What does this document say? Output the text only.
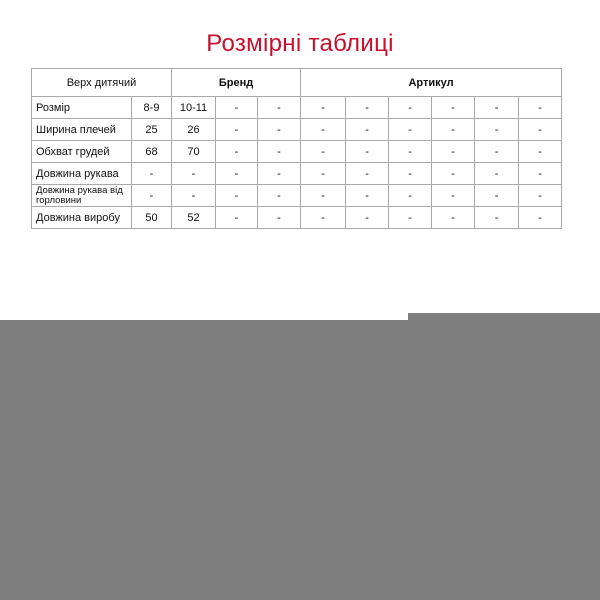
Розмірні таблиці
Верх дитячий		Бренд			Артикул					
Розмір	8-9	10-11	-	-	-	-	-	-	-	-
Ширина плечей	25	26	-	-	-	-	-	-	-	-
Обхват грудей	68	70	-	-	-	-	-	-	-	-
Довжина рукава	-	-	-	-	-	-	-	-	-	-
Довжина рукава від горловини	-	-	-	-	-	-	-	-	-	-
Довжина виробу	50	52	-	-	-	-	-	-	-	-
